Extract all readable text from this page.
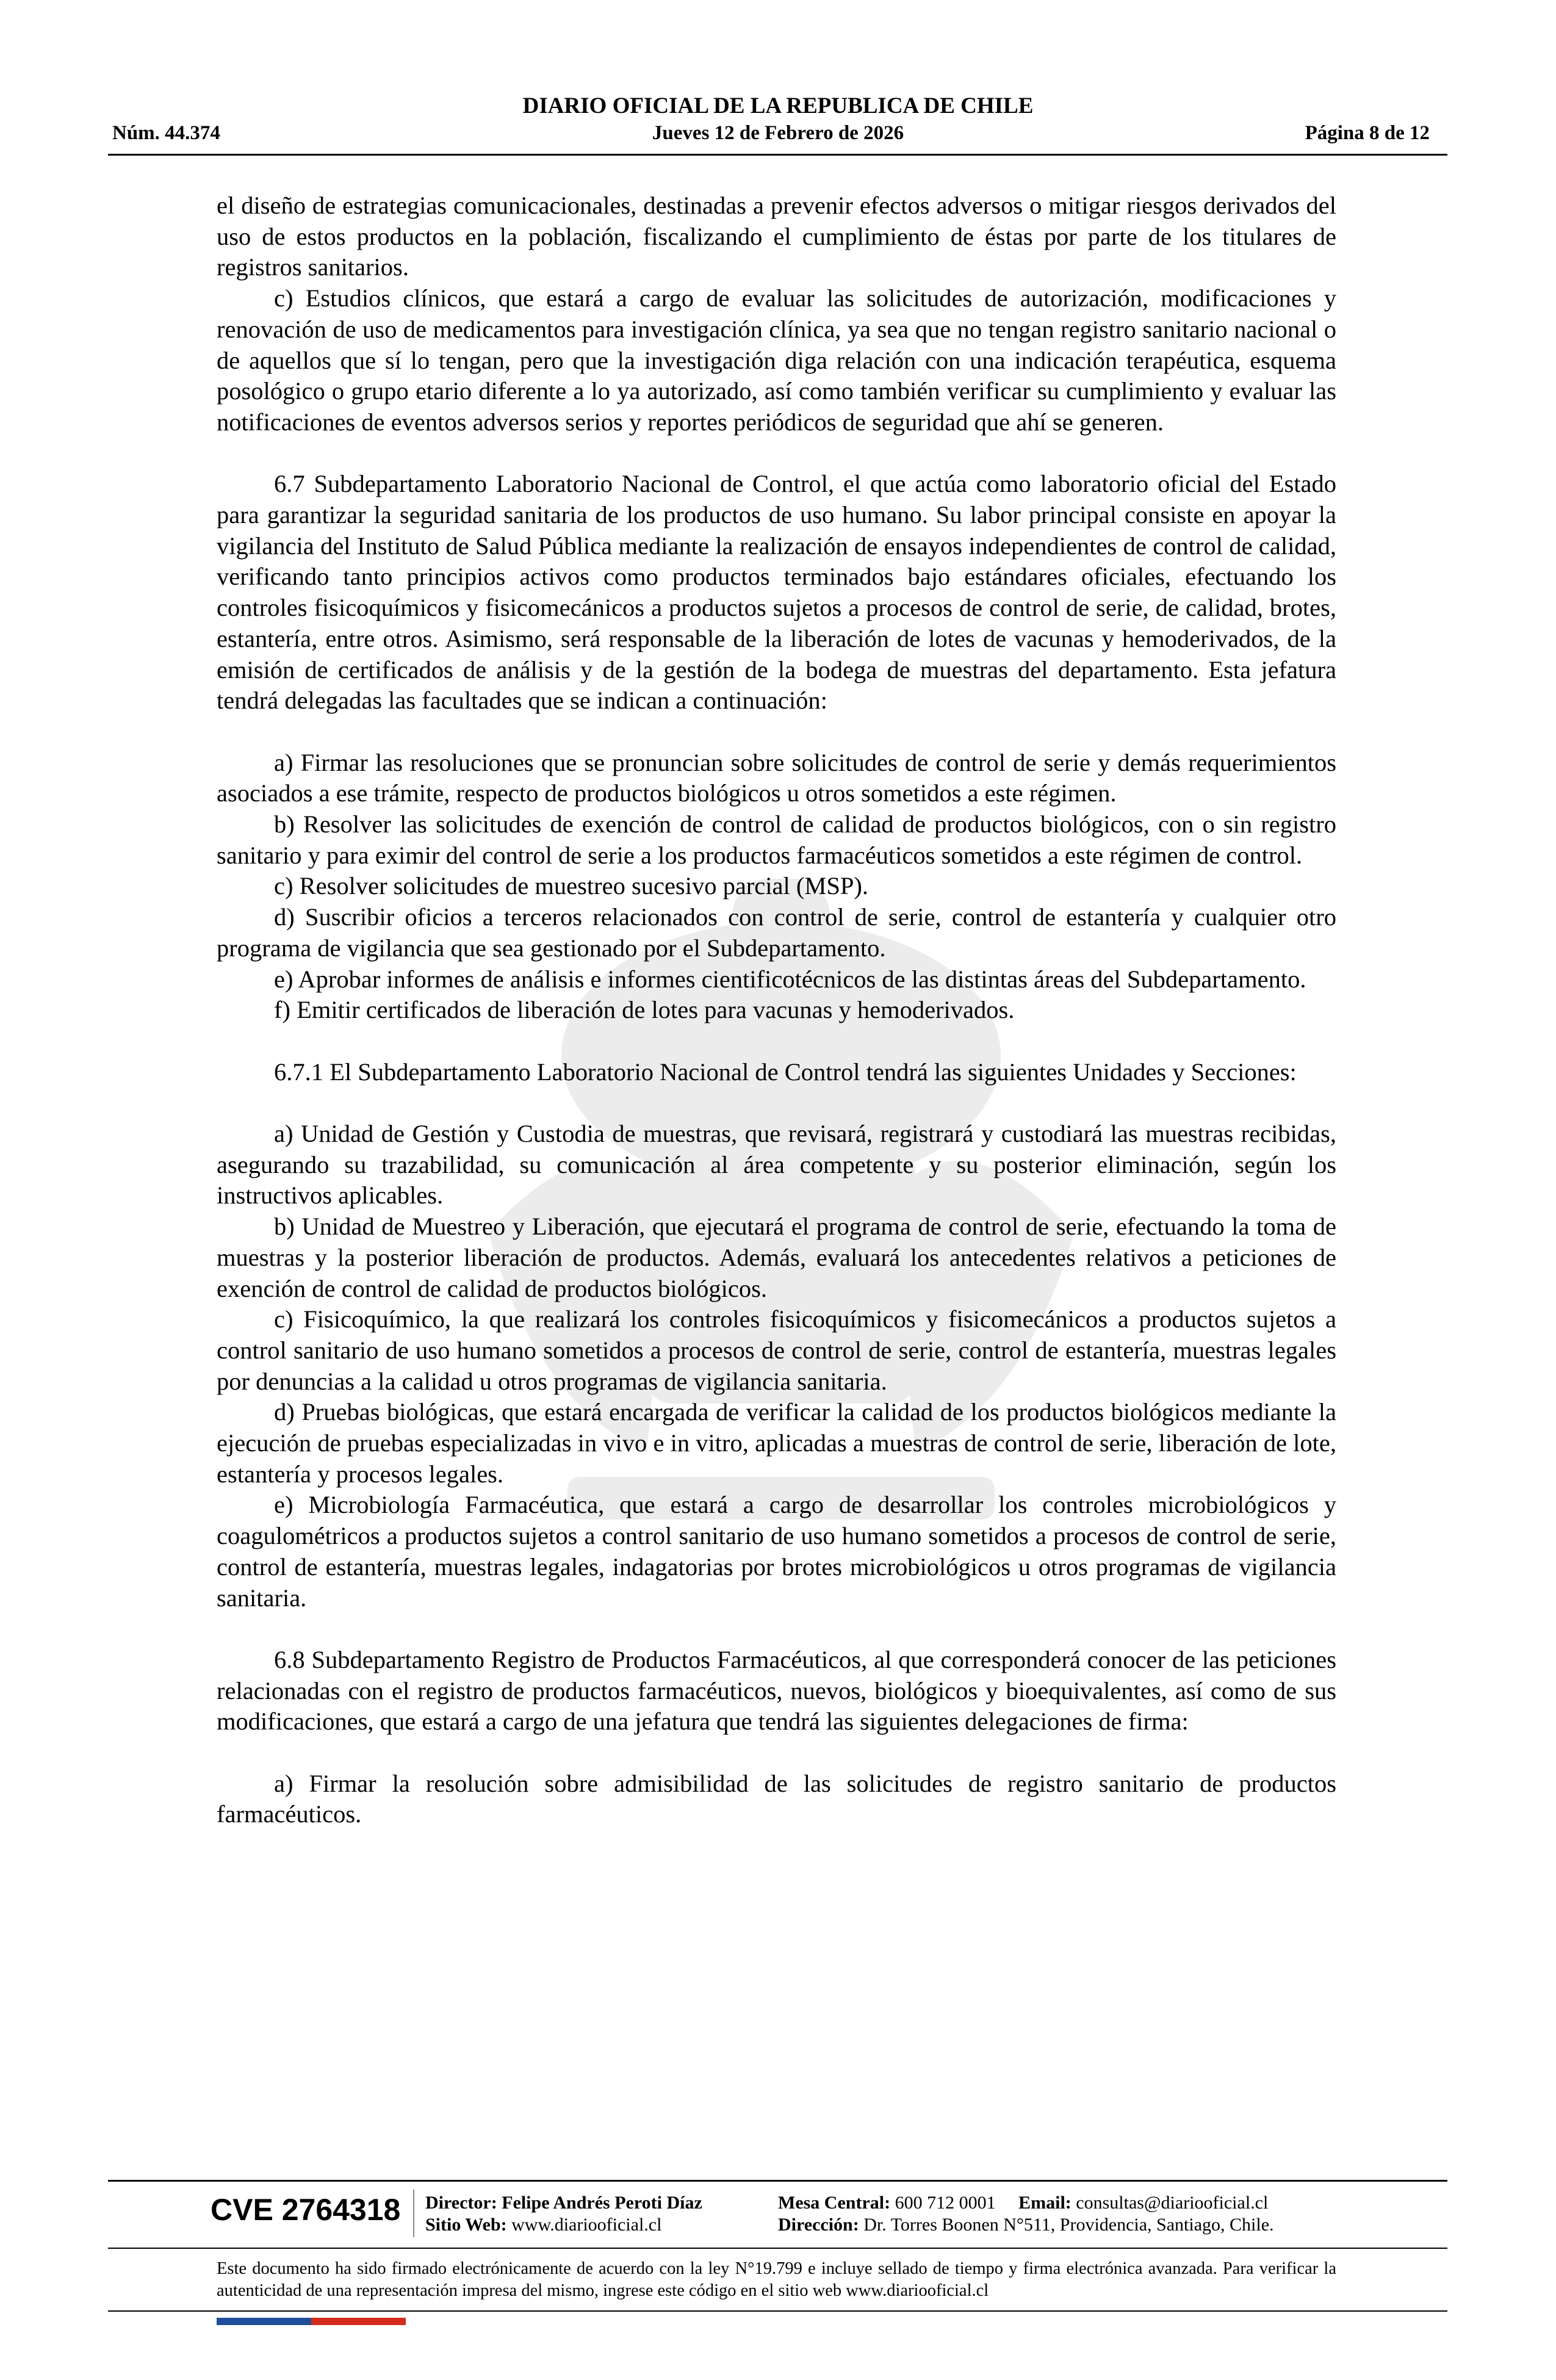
DIARIO OFICIAL DE LA REPUBLICA DE CHILE
Núm. 44.374	Jueves 12 de Febrero de 2026	Página 8 de 12

el diseño de estrategias comunicacionales, destinadas a prevenir efectos adversos o mitigar riesgos derivados del uso de estos productos en la población, fiscalizando el cumplimiento de éstas por parte de los titulares de registros sanitarios.

c) Estudios clínicos, que estará a cargo de evaluar las solicitudes de autorización, modificaciones y renovación de uso de medicamentos para investigación clínica, ya sea que no tengan registro sanitario nacional o de aquellos que sí lo tengan, pero que la investigación diga relación con una indicación terapéutica, esquema posológico o grupo etario diferente a lo ya autorizado, así como también verificar su cumplimiento y evaluar las notificaciones de eventos adversos serios y reportes periódicos de seguridad que ahí se generen.

6.7 Subdepartamento Laboratorio Nacional de Control, el que actúa como laboratorio oficial del Estado para garantizar la seguridad sanitaria de los productos de uso humano. Su labor principal consiste en apoyar la vigilancia del Instituto de Salud Pública mediante la realización de ensayos independientes de control de calidad, verificando tanto principios activos como productos terminados bajo estándares oficiales, efectuando los controles fisicoquímicos y fisicomecánicos a productos sujetos a procesos de control de serie, de calidad, brotes, estantería, entre otros. Asimismo, será responsable de la liberación de lotes de vacunas y hemoderivados, de la emisión de certificados de análisis y de la gestión de la bodega de muestras del departamento. Esta jefatura tendrá delegadas las facultades que se indican a continuación:

a) Firmar las resoluciones que se pronuncian sobre solicitudes de control de serie y demás requerimientos asociados a ese trámite, respecto de productos biológicos u otros sometidos a este régimen.

b) Resolver las solicitudes de exención de control de calidad de productos biológicos, con o sin registro sanitario y para eximir del control de serie a los productos farmacéuticos sometidos a este régimen de control.

c) Resolver solicitudes de muestreo sucesivo parcial (MSP).

d) Suscribir oficios a terceros relacionados con control de serie, control de estantería y cualquier otro programa de vigilancia que sea gestionado por el Subdepartamento.

e) Aprobar informes de análisis e informes cientificotécnicos de las distintas áreas del Subdepartamento.

f) Emitir certificados de liberación de lotes para vacunas y hemoderivados.

6.7.1 El Subdepartamento Laboratorio Nacional de Control tendrá las siguientes Unidades y Secciones:

a) Unidad de Gestión y Custodia de muestras, que revisará, registrará y custodiará las muestras recibidas, asegurando su trazabilidad, su comunicación al área competente y su posterior eliminación, según los instructivos aplicables.

b) Unidad de Muestreo y Liberación, que ejecutará el programa de control de serie, efectuando la toma de muestras y la posterior liberación de productos. Además, evaluará los antecedentes relativos a peticiones de exención de control de calidad de productos biológicos.

c) Fisicoquímico, la que realizará los controles fisicoquímicos y fisicomecánicos a productos sujetos a control sanitario de uso humano sometidos a procesos de control de serie, control de estantería, muestras legales por denuncias a la calidad u otros programas de vigilancia sanitaria.

d) Pruebas biológicas, que estará encargada de verificar la calidad de los productos biológicos mediante la ejecución de pruebas especializadas in vivo e in vitro, aplicadas a muestras de control de serie, liberación de lote, estantería y procesos legales.

e) Microbiología Farmacéutica, que estará a cargo de desarrollar los controles microbiológicos y coagulométricos a productos sujetos a control sanitario de uso humano sometidos a procesos de control de serie, control de estantería, muestras legales, indagatorias por brotes microbiológicos u otros programas de vigilancia sanitaria.

6.8 Subdepartamento Registro de Productos Farmacéuticos, al que corresponderá conocer de las peticiones relacionadas con el registro de productos farmacéuticos, nuevos, biológicos y bioequivalentes, así como de sus modificaciones, que estará a cargo de una jefatura que tendrá las siguientes delegaciones de firma:

a) Firmar la resolución sobre admisibilidad de las solicitudes de registro sanitario de productos farmacéuticos.

CVE 2764318 Director: Felipe Andrés Peroti Díaz
Sitio Web: www.diariooficial.cl
Mesa Central: 600 712 0001 Email: consultas@diariooficial.cl
Dirección: Dr. Torres Boonen N°511, Providencia, Santiago, Chile.
Este documento ha sido firmado electrónicamente de acuerdo con la ley N°19.799 e incluye sellado de tiempo y firma electrónica avanzada. Para verificar la autenticidad de una representación impresa del mismo, ingrese este código en el sitio web www.diariooficial.cl
